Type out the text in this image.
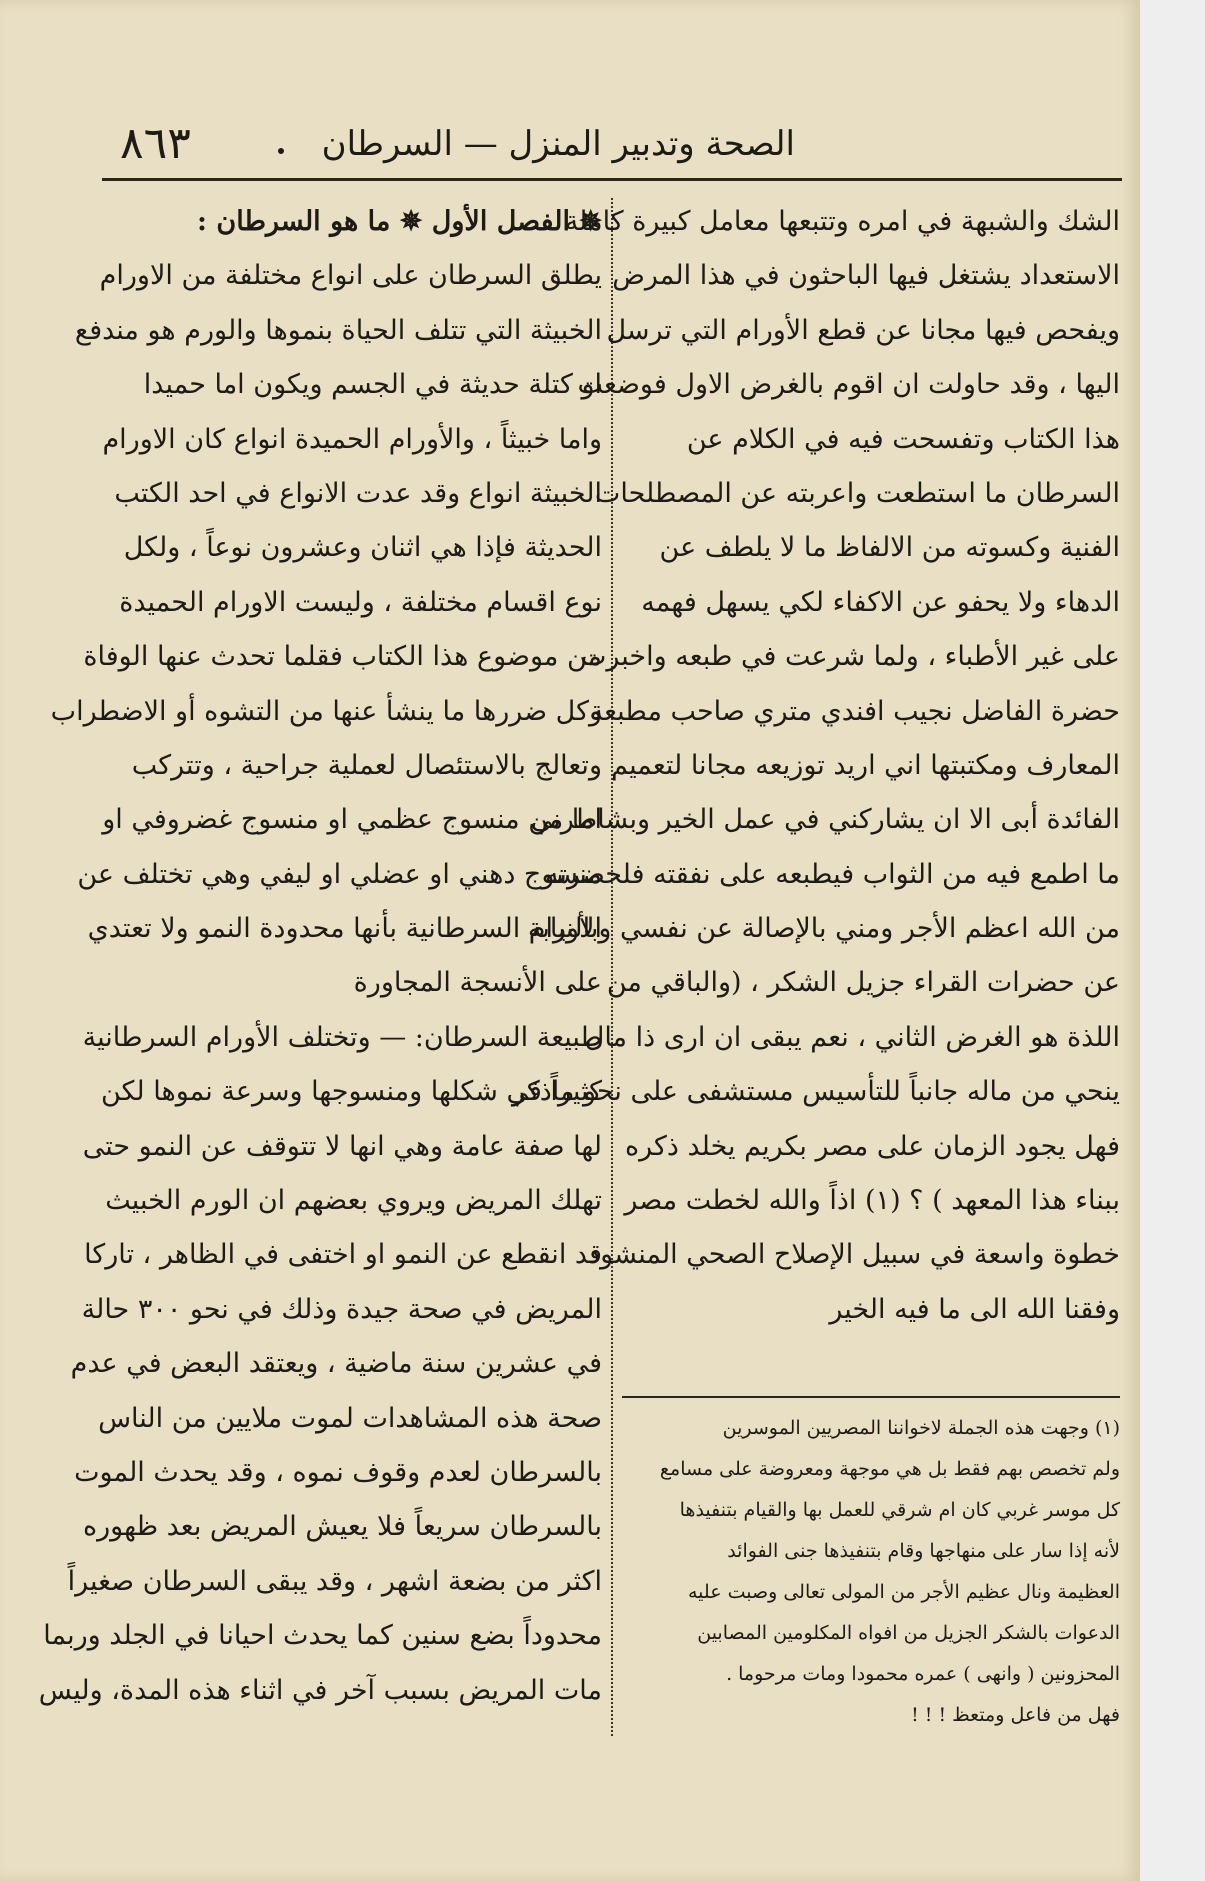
٨٦٣	الصحة وتدبير المنزل — السرطان
الشك والشبهة في امره وتتبعها معامل كبيرة كاملة
الاستعداد يشتغل فيها الباحثون في هذا المرض
ويفحص فيها مجانا عن قطع الأورام التي ترسل
اليها ، وقد حاولت ان اقوم بالغرض الاول فوضعت
هذا الكتاب وتفسحت فيه في الكلام عن
السرطان ما استطعت واعربته عن المصطلحات
الفنية وكسوته من الالفاظ ما لا يلطف عن
الدهاء ولا يحفو عن الاكفاء لكي يسهل فهمه
على غير الأطباء ، ولما شرعت في طبعه واخبرت
حضرة الفاضل نجيب افندي متري صاحب مطبعة
المعارف ومكتبتها اني اريد توزيعه مجانا لتعميم
الفائدة أبى الا ان يشاركني في عمل الخير وبشاطرني
ما اطمع فيه من الثواب فيطبعه على نفقته فلحضرته
من الله اعظم الأجر ومني بالإصالة عن نفسي وبالنيابة
عن حضرات القراء جزيل الشكر ، (والباقي من
اللذة هو الغرض الثاني ، نعم يبقى ان ارى ذا مال
ينحي من ماله جانباً للتأسيس مستشفى على نحو ماذكر
فهل يجود الزمان على مصر بكريم يخلد ذكره
ببناء هذا المعهد ) ؟ (١) اذاً والله لخطت مصر
خطوة واسعة في سبيل الإصلاح الصحي المنشود
وفقنا الله الى ما فيه الخير
(١) وجهت هذه الجملة لاخواننا المصريين الموسرين
ولم تخصص بهم فقط بل هي موجهة ومعروضة على مسامع
كل موسر غربي كان ام شرقي للعمل بها والقيام بتنفيذها
لأنه إذا سار على منهاجها وقام بتنفيذها جنى الفوائد
العظيمة ونال عظيم الأجر من المولى تعالى وصبت عليه
الدعوات بالشكر الجزيل من افواه المكلومين المصابين
المحزونين ( وانهى ) عمره محمودا ومات مرحوما .
فهل من فاعل ومتعظ ! ! !
✵ الفصل الأول ✵ ما هو السرطان :
يطلق السرطان على انواع مختلفة من الاورام
الخبيثة التي تتلف الحياة بنموها والورم هو مندفع
او كتلة حديثة في الجسم ويكون اما حميدا
واما خبيثاً ، والأورام الحميدة انواع كان الاورام
الخبيثة انواع وقد عدت الانواع في احد الكتب
الحديثة فإذا هي اثنان وعشرون نوعاً ، ولكل
نوع اقسام مختلفة ، وليست الاورام الحميدة
من موضوع هذا الكتاب فقلما تحدث عنها الوفاة
وكل ضررها ما ينشأ عنها من التشوه أو الاضطراب
وتعالج بالاستئصال لعملية جراحية ، وتتركب
اما من منسوج عظمي او منسوج غضروفي او
منسوج دهني او عضلي او ليفي وهي تختلف عن
الأورام السرطانية بأنها محدودة النمو ولا تعتدي
على الأنسجة المجاورة
طبيعة السرطان: — وتختلف الأورام السرطانية
كثيراً في شكلها ومنسوجها وسرعة نموها لكن
لها صفة عامة وهي انها لا تتوقف عن النمو حتى
تهلك المريض ويروي بعضهم ان الورم الخبيث
قد انقطع عن النمو او اختفى في الظاهر ، تاركا
المريض في صحة جيدة وذلك في نحو ٣٠٠ حالة
في عشرين سنة ماضية ، ويعتقد البعض في عدم
صحة هذه المشاهدات لموت ملايين من الناس
بالسرطان لعدم وقوف نموه ، وقد يحدث الموت
بالسرطان سريعاً فلا يعيش المريض بعد ظهوره
اكثر من بضعة اشهر ، وقد يبقى السرطان صغيراً
محدوداً بضع سنين كما يحدث احيانا في الجلد وربما
مات المريض بسبب آخر في اثناء هذه المدة، وليس
